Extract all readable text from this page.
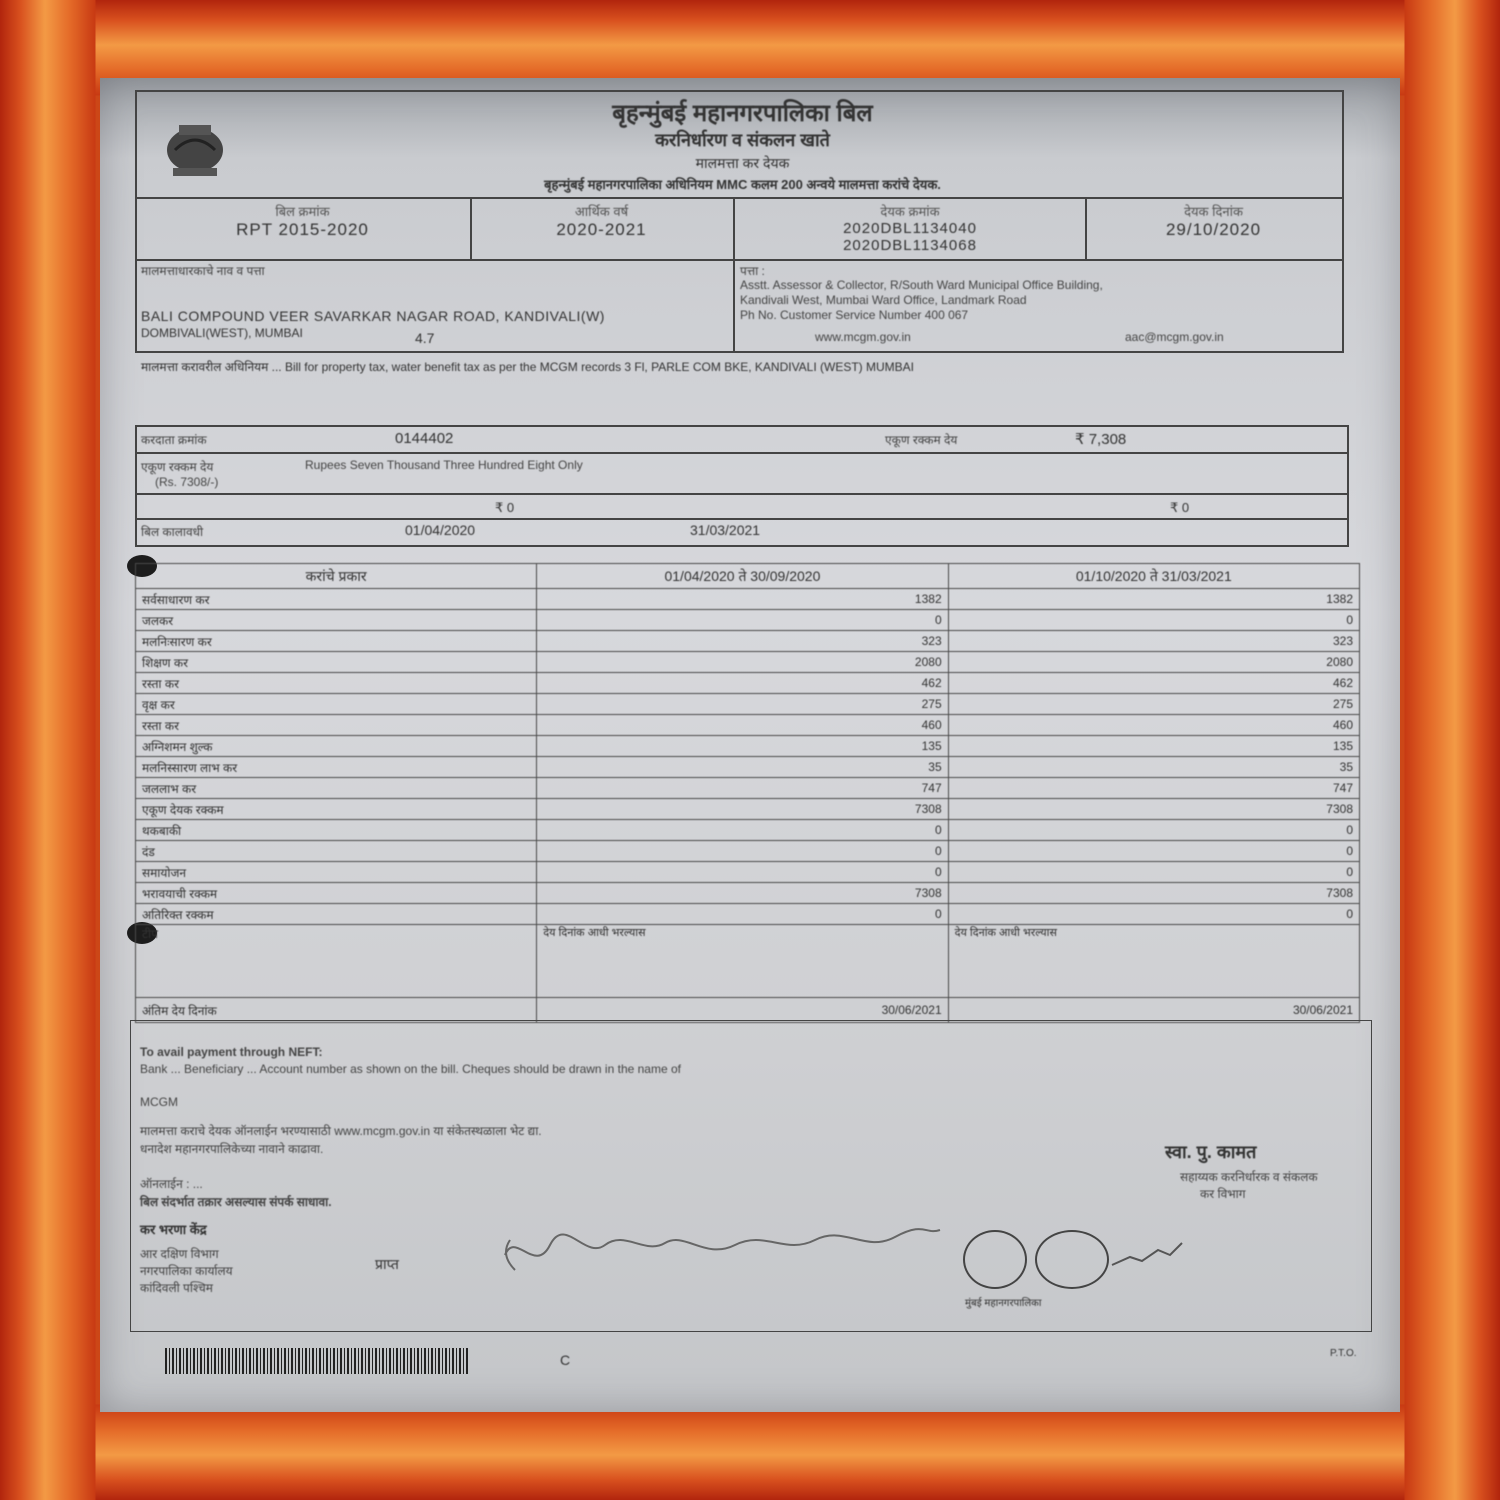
बृहन्मुंबई महानगरपालिका बिल
करनिर्धारण व संकलन खाते
मालमत्ता कर देयक
बृहन्मुंबई महानगरपालिका अधिनियम MMC कलम 200 अन्वये मालमत्ता करांचे देयक.
बिल क्रमांक
RPT 2015-2020
आर्थिक वर्ष
2020-2021
देयक क्रमांक
2020DBL1134040
2020DBL1134068
देयक दिनांक
29/10/2020
मालमत्ताधारकाचे नाव व पत्ता
BALI COMPOUND VEER SAVARKAR NAGAR ROAD, KANDIVALI(W)
DOMBIVALI(WEST), MUMBAI	4.7
पत्ता :
Asstt. Assessor & Collector, R/South Ward Municipal Office Building,
Kandivali West, Mumbai Ward Office, Landmark Road
Ph No. Customer Service Number 400 067
www.mcgm.gov.in	aac@mcgm.gov.in
मालमत्ता करावरील अधिनियम ... Bill for property tax, water benefit tax as per the MCGM records 3 Fl, PARLE COM BKE, KANDIVALI (WEST) MUMBAI
करदाता क्रमांक	0144402	एकूण रक्कम देय	₹ 7,308
एकूण रक्कम देय	Rupees Seven Thousand Three Hundred Eight Only
(Rs. 7308/-)
₹ 0	₹ 0
बिल कालावधी	01/04/2020	31/03/2021
करांचे प्रकार	01/04/2020 ते 30/09/2020	01/10/2020 ते 31/03/2021
सर्वसाधारण कर	1382	1382
जलकर	0	0
मलनिःसारण कर	323	323
शिक्षण कर	2080	2080
रस्ता कर	462	462
वृक्ष कर	275	275
रस्ता कर	460	460
अग्निशमन शुल्क	135	135
मलनिस्सारण लाभ कर	35	35
जललाभ कर	747	747
एकूण देयक रक्कम	7308	7308
थकबाकी	0	0
दंड	0	0
समायोजन	0	0
भरावयाची रक्कम	7308	7308
अतिरिक्त रक्कम	0	0
टीप	देय दिनांक आधी भरल्यास	देय दिनांक आधी भरल्यास
अंतिम देय दिनांक	30/06/2021	30/06/2021
To avail payment through NEFT:
Bank ... Beneficiary ... Account number as shown on the bill. Cheques should be drawn in the name of
MCGM
मालमत्ता कराचे देयक ऑनलाईन भरण्यासाठी www.mcgm.gov.in या संकेतस्थळाला भेट द्या.
धनादेश महानगरपालिकेच्या नावाने काढावा.
ऑनलाईन : ...
बिल संदर्भात तक्रार असल्यास संपर्क साधावा.
स्वा. पु. कामत
सहाय्यक करनिर्धारक व संकलक
कर विभाग
कर भरणा केंद्र
आर दक्षिण विभाग
नगरपालिका कार्यालय
कांदिवली पश्चिम
प्राप्त
मुंबई महानगरपालिका
C	P.T.O.
